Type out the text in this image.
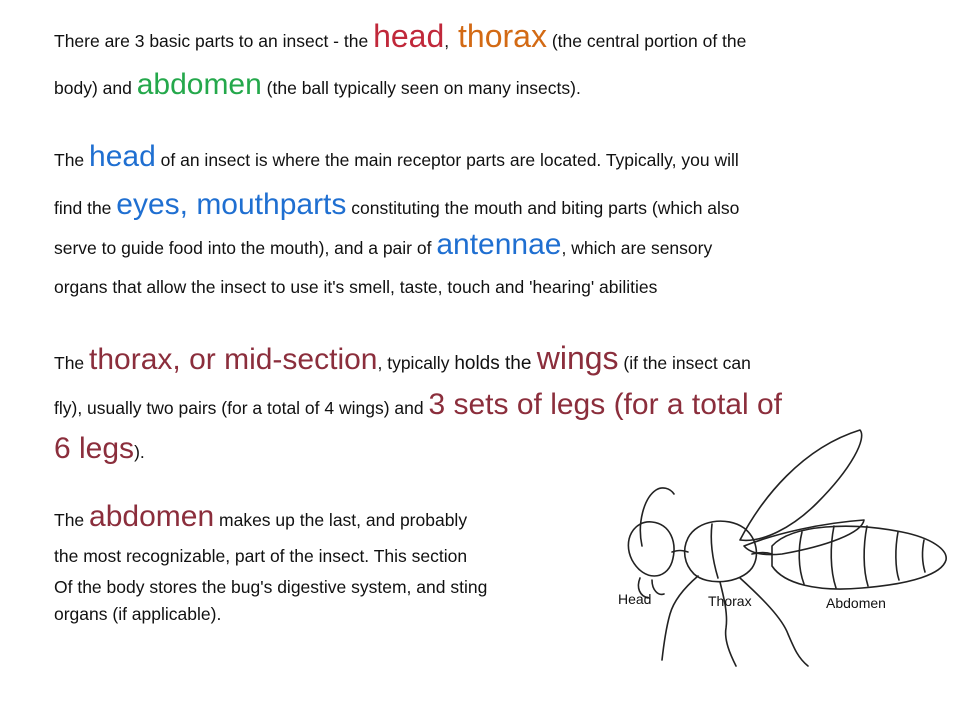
There are 3 basic parts to an insect - the head, thorax (the central portion of the
body) and abdomen (the ball typically seen on many insects).
The head of an insect is where the main receptor parts are located. Typically, you will
find the eyes, mouthparts constituting the mouth and biting parts (which also
serve to guide food into the mouth), and a pair of antennae, which are sensory
organs that allow the insect to use it's smell, taste, touch and 'hearing' abilities
The thorax, or mid-section, typically holds the wings (if the insect can
fly), usually two pairs (for a total of 4 wings) and 3 sets of legs (for a total of
6 legs).
The abdomen makes up the last, and probably
the most recognizable, part of the insect. This section
Of the body stores the bug's digestive system, and sting
organs (if applicable).
Head	Thorax	Abdomen
